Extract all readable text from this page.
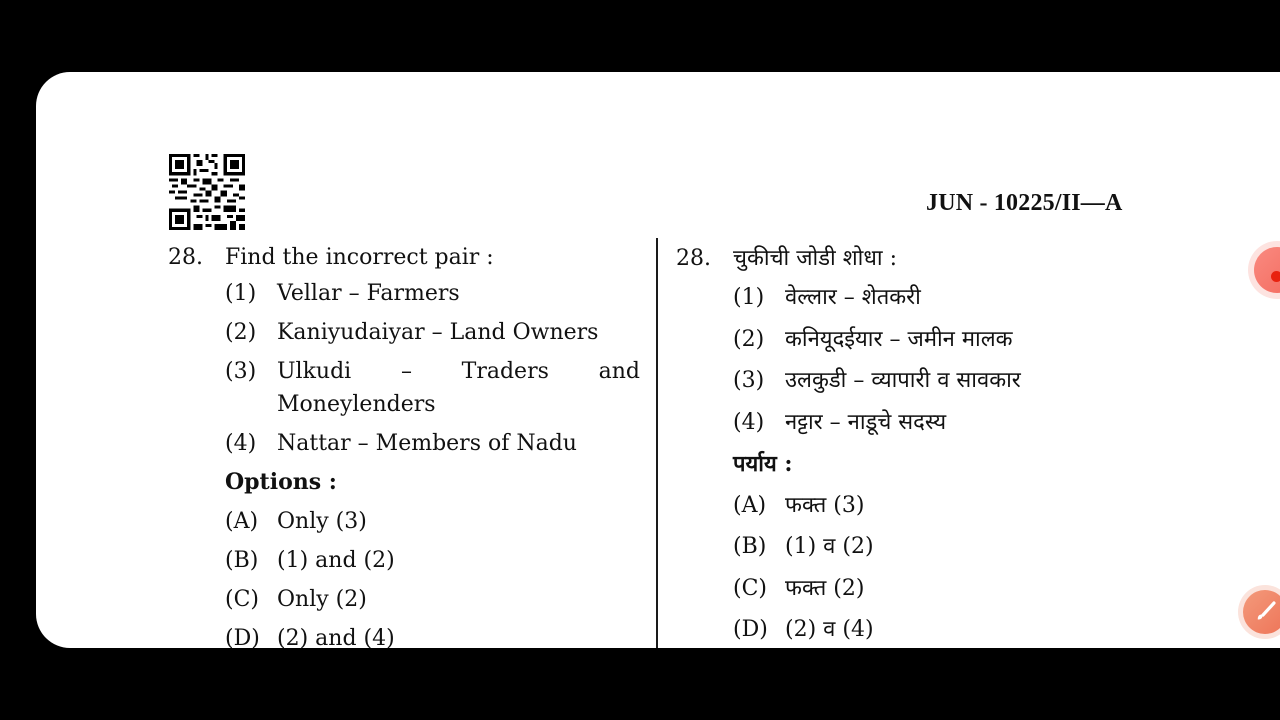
JUN - 10225/II—A
28.	Find the incorrect pair :
(1) Vellar – Farmers
(2) Kaniyudaiyar – Land Owners
(3) Ulkudi – Traders and
Moneylenders
(4) Nattar – Members of Nadu
Options :
(A) Only (3)
(B) (1) and (2)
(C) Only (2)
(D) (2) and (4)
28.	चुकीची जोडी शोधा :
(1) वेल्लार – शेतकरी
(2) कनियूदईयार – जमीन मालक
(3) उलकुडी – व्यापारी व सावकार
(4) नट्टार – नाडूचे सदस्य
पर्याय :
(A) फक्त (3)
(B) (1) व (2)
(C) फक्त (2)
(D) (2) व (4)
